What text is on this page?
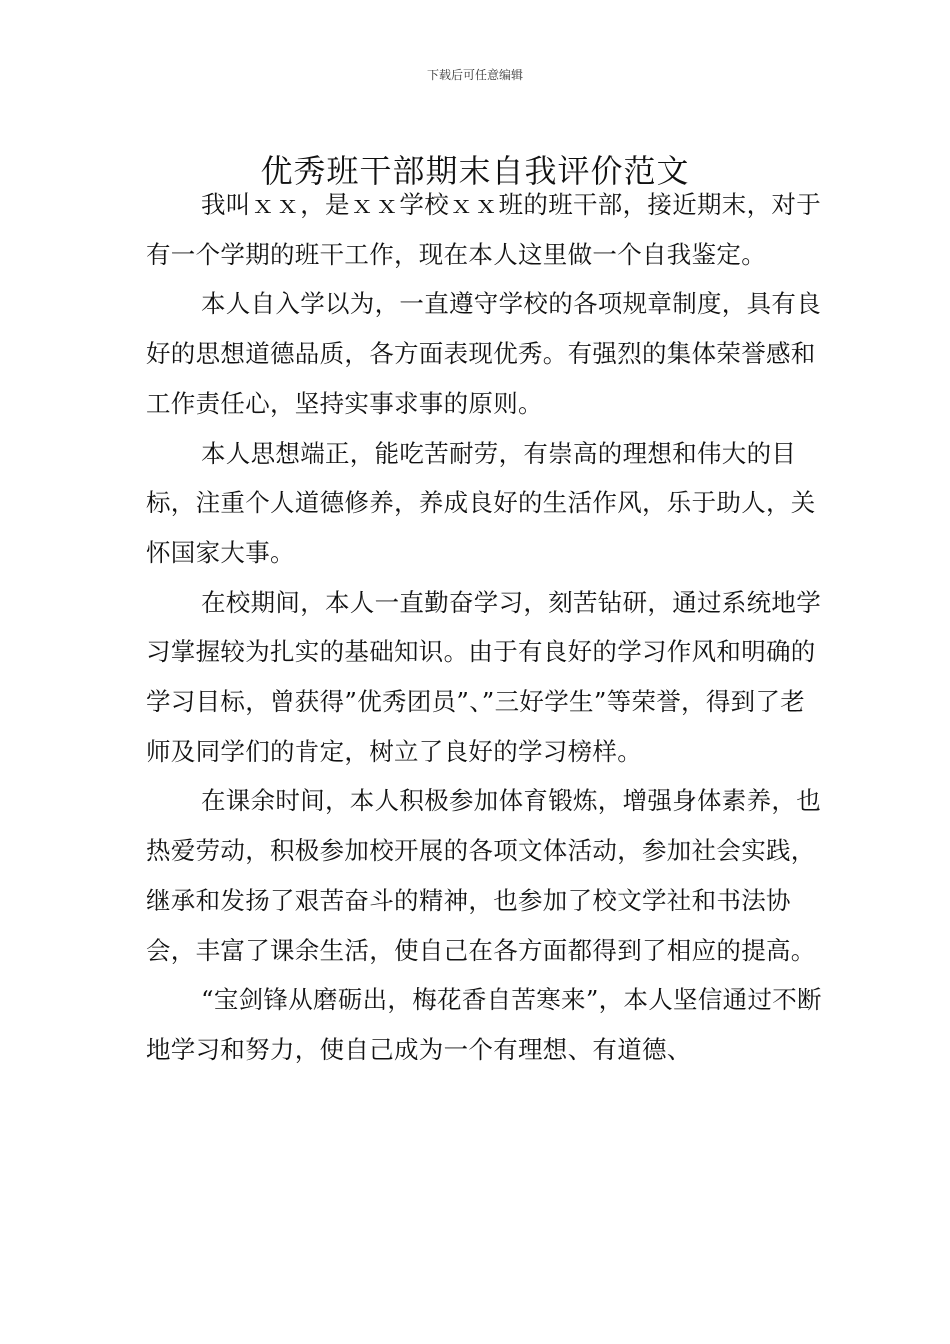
下载后可任意编辑
优秀班干部期末自我评价范文

我叫ｘｘ，是ｘｘ学校ｘｘ班的班干部，接近期末，对于有一个学期的班干工作，现在本人这里做一个自我鉴定。

本人自入学以为，一直遵守学校的各项规章制度，具有良好的思想道德品质，各方面表现优秀。有强烈的集体荣誉感和工作责任心，坚持实事求事的原则。

本人思想端正，能吃苦耐劳，有崇高的理想和伟大的目标，注重个人道德修养，养成良好的生活作风，乐于助人，关怀国家大事。

在校期间，本人一直勤奋学习，刻苦钻研，通过系统地学习掌握较为扎实的基础知识。由于有良好的学习作风和明确的学习目标，曾获得”优秀团员”、”三好学生”等荣誉，得到了老师及同学们的肯定，树立了良好的学习榜样。

在课余时间，本人积极参加体育锻炼，增强身体素养，也热爱劳动，积极参加校开展的各项文体活动，参加社会实践，继承和发扬了艰苦奋斗的精神，也参加了校文学社和书法协会，丰富了课余生活，使自己在各方面都得到了相应的提高。

“宝剑锋从磨砺出，梅花香自苦寒来”，本人坚信通过不断地学习和努力，使自己成为一个有理想、有道德、
